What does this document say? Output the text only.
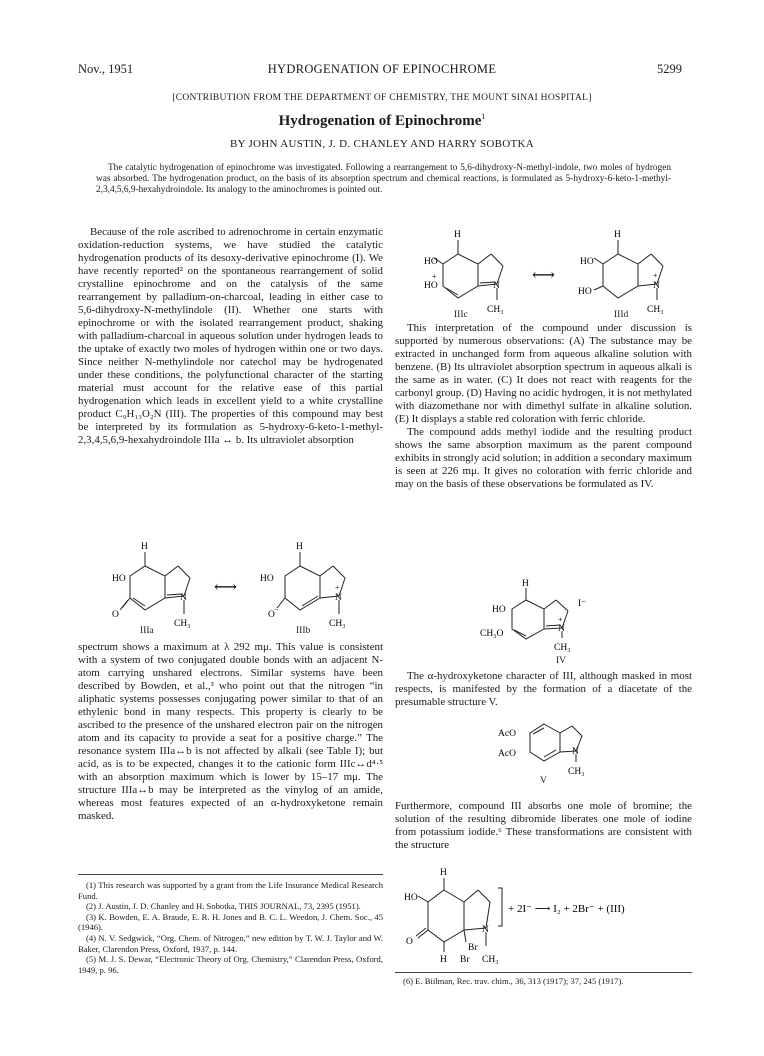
Nov., 1951	HYDROGENATION OF EPINOCHROME	5299
[CONTRIBUTION FROM THE DEPARTMENT OF CHEMISTRY, THE MOUNT SINAI HOSPITAL]
Hydrogenation of Epinochrome$^1$
BY JOHN AUSTIN, J. D. CHANLEY AND HARRY SOBOTKA
The catalytic hydrogenation of epinochrome was investigated. Following a rearrangement to 5,6-dihydroxy-N-methyl-indole, two moles of hydrogen was absorbed. The hydrogenation product, on the basis of its absorption spectrum and chemical reactions, is formulated as 5-hydroxy-6-keto-1-methyl-2,3,4,5,6,9-hexahydroindole. Its analogy to the aminochromes is pointed out.

Because of the role ascribed to adrenochrome in certain enzymatic oxidation-reduction systems, we have studied the catalytic hydrogenation products of its desoxy-derivative epinochrome (I). We have recently reported² on the spontaneous rearrangement of solid crystalline epinochrome and on the catalysis of the same rearrangement by palladium-on-charcoal, leading in either case to 5,6-dihydroxy-N-methylindole (II). Whether one starts with epinochrome or with the isolated rearrangement product, shaking with palladium-charcoal in aqueous solution under hydrogen leads to the uptake of exactly two moles of hydrogen within one or two days. Since neither N-methylindole nor catechol may be hydrogenated under these conditions, the polyfunctional character of the starting material must account for the relative ease of this partial hydrogenation which leads in excellent yield to a white crystalline product C₉H₁₃O₂N (III). The properties of this compound may best be interpreted by its formulation as 5-hydroxy-6-keto-1-methyl-2,3,4,5,6,9-hexahydroindole IIIa ↔ b. Its ultraviolet absorption

H
HO
O
N
CH₃
⟷
H
HO
O
−
N
+
CH₃
IIIa	IIIb

spectrum shows a maximum at λ 292 mμ. This value is consistent with a system of two conjugated double bonds with an adjacent N-atom carrying unshared electrons. Similar systems have been described by Bowden, et al.,³ who point out that the nitrogen “in aliphatic systems possesses conjugating power similar to that of an ethylenic bond in many respects. This property is clearly to be ascribed to the presence of the unshared electron pair on the nitrogen atom and its capacity to provide a seat for a positive charge.” The resonance system IIIa↔b is not affected by alkali (see Table I); but acid, as is to be expected, changes it to the cationic form IIIc↔d⁴·⁵ with an absorption maximum which is lower by 15–17 mμ. The structure IIIa↔b may be interpreted as the vinylog of an amide, whereas most features expected of an α-hydroxyketone remain masked.

(1) This research was supported by a grant from the Life Insurance Medical Research Fund.

(2) J. Austin, J. D. Chanley and H. Sobotka, THIS JOURNAL, 73, 2395 (1951).

(3) K. Bowden, E. A. Braude, E. R. H. Jones and B. C. L. Weedon, J. Chem. Soc., 45 (1946).

(4) N. V. Sedgwick, “Org. Chem. of Nitrogen,” new edition by T. W. J. Taylor and W. Baker, Clarendon Press, Oxford, 1937, p. 144.

(5) M. J. S. Dewar, “Electronic Theory of Org. Chemistry,” Clarendon Press, Oxford, 1949, p. 96.

H
HO
HO
+
N
CH₃
⟷
H
HO
HO
N
+
CH₃
IIIc	IIId

This interpretation of the compound under discussion is supported by numerous observations: (A) The substance may be extracted in unchanged form from aqueous alkaline solution with benzene. (B) Its ultraviolet absorption spectrum in aqueous alkali is the same as in water. (C) It does not react with reagents for the carbonyl group. (D) Having no acidic hydrogen, it is not methylated with diazomethane nor with dimethyl sulfate in alkaline solution. (E) It displays a stable red coloration with ferric chloride.

The compound adds methyl iodide and the resulting product shows the same absorption maximum as the parent compound exhibits in strongly acid solution; in addition a secondary maximum is seen at 226 mμ. It gives no coloration with ferric chloride and may on the basis of these observations be formulated as IV.

H
HO
CH₃O	N
+
I⁻
CH₃
IV

The α-hydroxyketone character of III, although masked in most respects, is manifested by the formation of a diacetate of the presumable structure V.

AcO
AcO	N
CH₃
V

Furthermore, compound III absorbs one mole of bromine; the solution of the resulting dibromide liberates one mole of iodine from potassium iodide.⁶ These transformations are consistent with the structure

H
HO
O
N
Br
Br
H	CH₃
+ 2I⁻ ⟶ I₂ + 2Br⁻ + (III)

(6) E. Biilman, Rec. trav. chim., 36, 313 (1917); 37, 245 (1917).
